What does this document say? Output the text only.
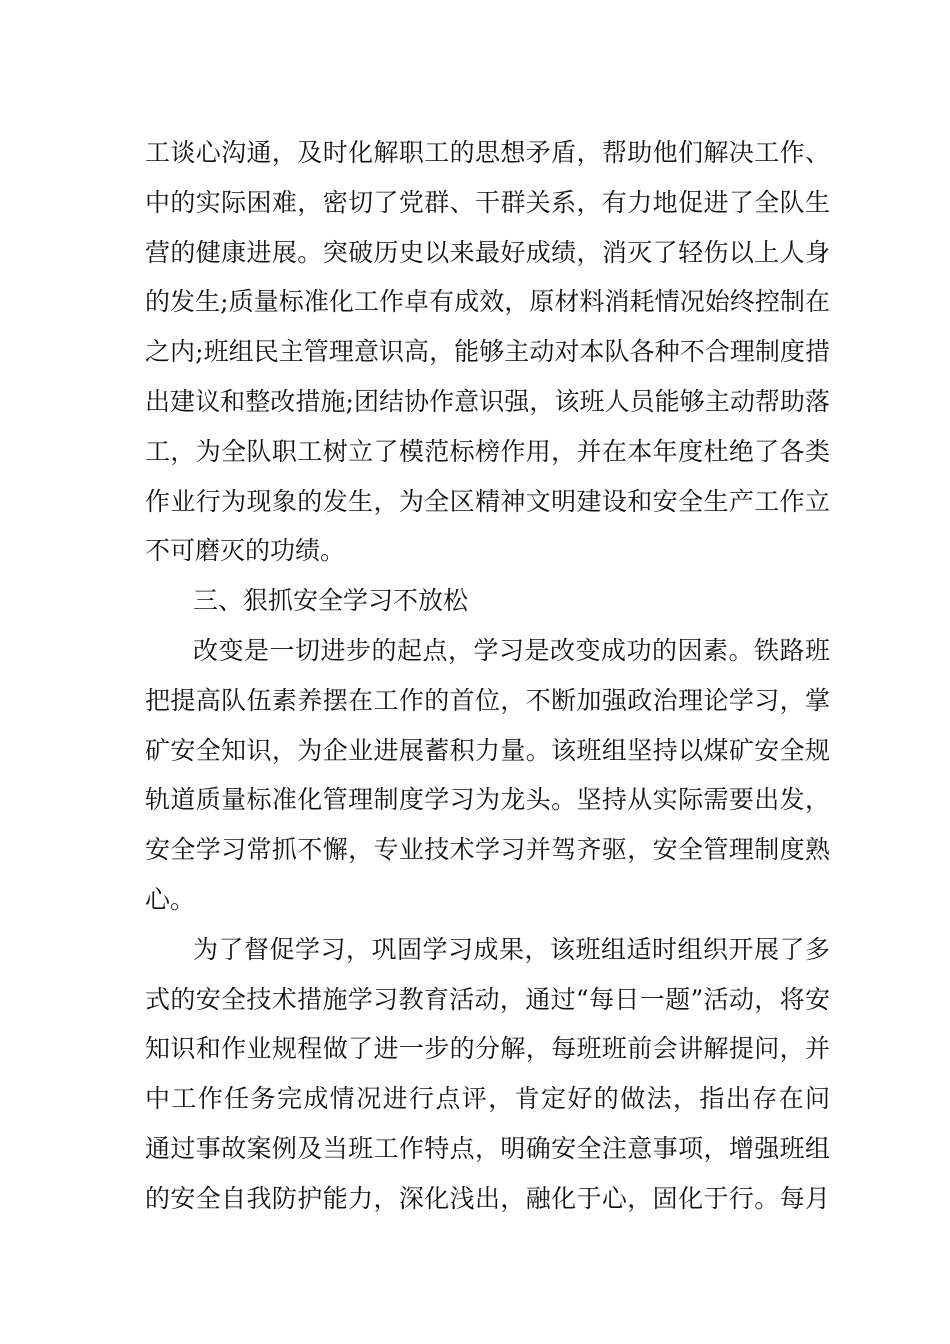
工谈心沟通，及时化解职工的思想矛盾，帮助他们解决工作、
中的实际困难，密切了党群、干群关系，有力地促进了全队生
营的健康进展。突破历史以来最好成绩，消灭了轻伤以上人身
的发生;质量标准化工作卓有成效，原材料消耗情况始终控制在
之内;班组民主管理意识高，能够主动对本队各种不合理制度措
出建议和整改措施;团结协作意识强，该班人员能够主动帮助落
工，为全队职工树立了模范标榜作用，并在本年度杜绝了各类
作业行为现象的发生，为全区精神文明建设和安全生产工作立
不可磨灭的功绩。
三、狠抓安全学习不放松
改变是一切进步的起点，学习是改变成功的因素。铁路班
把提高队伍素养摆在工作的首位，不断加强政治理论学习，掌
矿安全知识，为企业进展蓄积力量。该班组坚持以煤矿安全规
轨道质量标准化管理制度学习为龙头。坚持从实际需要出发，
安全学习常抓不懈，专业技术学习并驾齐驱，安全管理制度熟
心。
为了督促学习，巩固学习成果，该班组适时组织开展了多
式的安全技术措施学习教育活动，通过“每日一题”活动，将安
知识和作业规程做了进一步的分解，每班班前会讲解提问，并
中工作任务完成情况进行点评，肯定好的做法，指出存在问
通过事故案例及当班工作特点，明确安全注意事项，增强班组
的安全自我防护能力，深化浅出，融化于心，固化于行。每月
